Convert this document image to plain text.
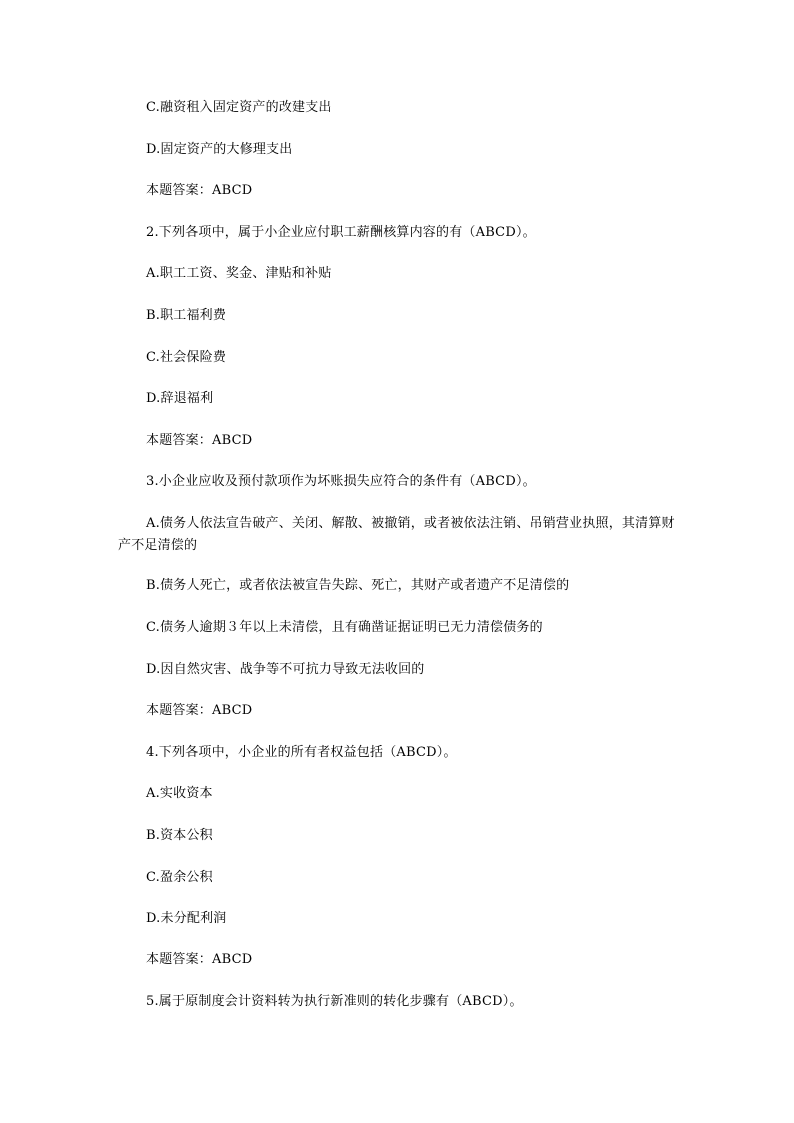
C.融资租入固定资产的改建支出
D.固定资产的大修理支出
本题答案：ABCD
2.下列各项中，属于小企业应付职工薪酬核算内容的有（ABCD）。
A.职工工资、奖金、津贴和补贴
B.职工福利费
C.社会保险费
D.辞退福利
本题答案：ABCD
3.小企业应收及预付款项作为坏账损失应符合的条件有（ABCD）。
A.债务人依法宣告破产、关闭、解散、被撤销，或者被依法注销、吊销营业执照，其清算财产不足清偿的
B.债务人死亡，或者依法被宣告失踪、死亡，其财产或者遗产不足清偿的
C.债务人逾期３年以上未清偿，且有确凿证据证明已无力清偿债务的
D.因自然灾害、战争等不可抗力导致无法收回的
本题答案：ABCD
4.下列各项中，小企业的所有者权益包括（ABCD）。
A.实收资本
B.资本公积
C.盈余公积
D.未分配利润
本题答案：ABCD
5.属于原制度会计资料转为执行新准则的转化步骤有（ABCD）。
